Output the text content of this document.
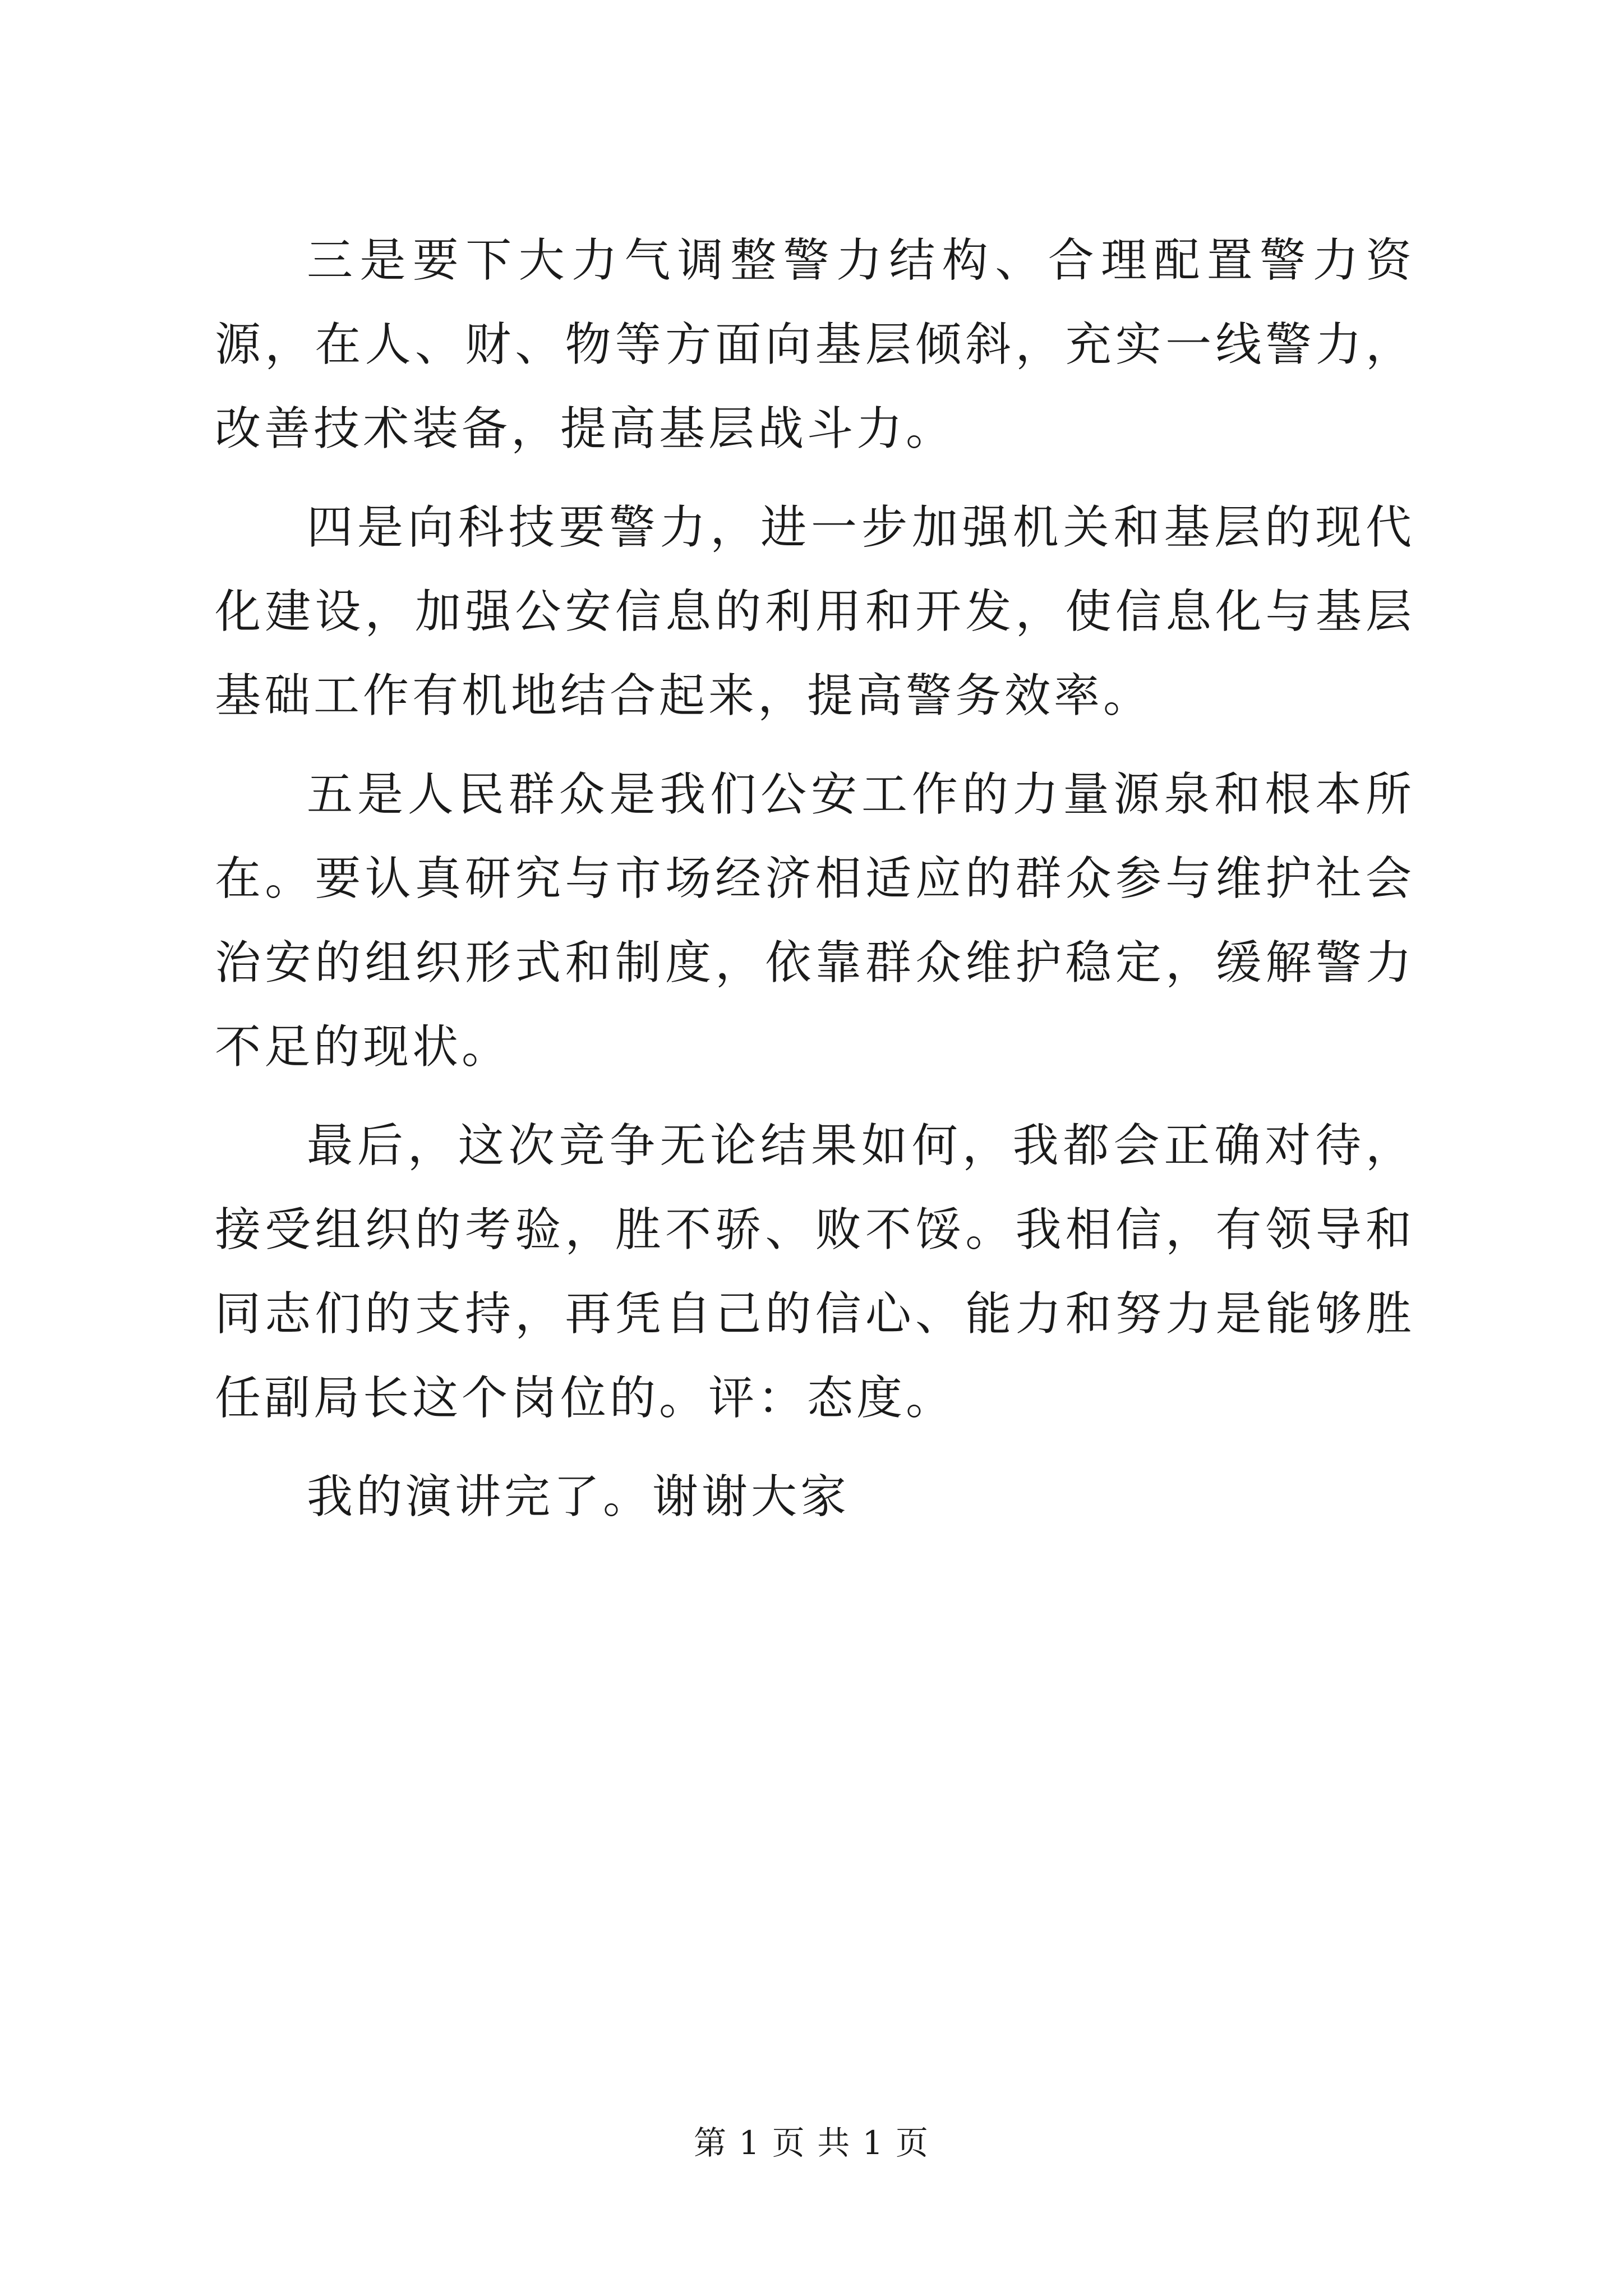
三是要下大力气调整警力结构、合理配置警力资源，在人、财、物等方面向基层倾斜，充实一线警力，改善技术装备，提高基层战斗力。

四是向科技要警力，进一步加强机关和基层的现代化建设，加强公安信息的利用和开发，使信息化与基层基础工作有机地结合起来，提高警务效率。

五是人民群众是我们公安工作的力量源泉和根本所在。要认真研究与市场经济相适应的群众参与维护社会治安的组织形式和制度，依靠群众维护稳定，缓解警力不足的现状。

最后，这次竞争无论结果如何，我都会正确对待，接受组织的考验，胜不骄、败不馁。我相信，有领导和同志们的支持，再凭自己的信心、能力和努力是能够胜任副局长这个岗位的。评：态度。

我的演讲完了。谢谢大家

第 1 页 共 1 页
